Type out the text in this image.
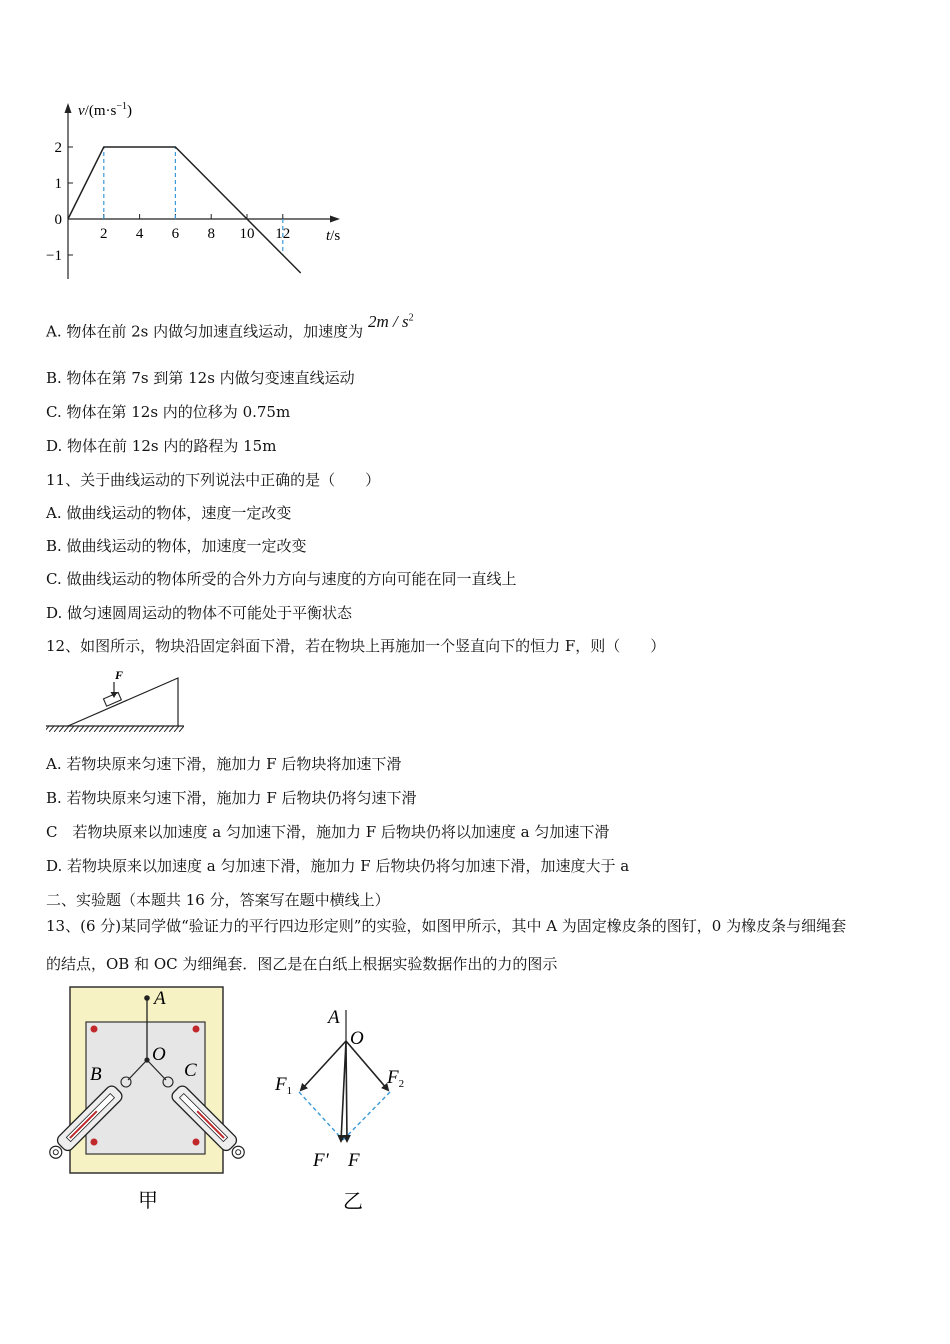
2 4 6 8 10 12
2
1
0
−1
$v/(m\cdot s^{-1})$
t/s
A. 物体在前 2s 内做匀加速直线运动，加速度为 $2m / s^2$
B. 物体在第 7s 到第 12s 内做匀变速直线运动
C. 物体在第 12s 内的位移为 0.75m
D. 物体在前 12s 内的路程为 15m
11、关于曲线运动的下列说法中正确的是（　　）
A. 做曲线运动的物体，速度一定改变
B. 做曲线运动的物体，加速度一定改变
C. 做曲线运动的物体所受的合外力方向与速度的方向可能在同一直线上
D. 做匀速圆周运动的物体不可能处于平衡状态
12、如图所示，物块沿固定斜面下滑，若在物块上再施加一个竖直向下的恒力 F，则（　　）
F
A. 若物块原来匀速下滑，施加力 F 后物块将加速下滑
B. 若物块原来匀速下滑，施加力 F 后物块仍将匀速下滑
C　若物块原来以加速度 a 匀加速下滑，施加力 F 后物块仍将以加速度 a 匀加速下滑
D. 若物块原来以加速度 a 匀加速下滑，施加力 F 后物块仍将匀加速下滑，加速度大于 a
二、实验题（本题共 16 分，答案写在题中横线上）
13、(6 分)某同学做“验证力的平行四边形定则”的实验，如图甲所示，其中 A 为固定橡皮条的图钉，0 为橡皮条与细绳套
的结点，OB 和 OC 为细绳套．图乙是在白纸上根据实验数据作出的力的图示
A
O
B	C
甲
A
O
$F_1$
$F_2$
F′ F
乙
